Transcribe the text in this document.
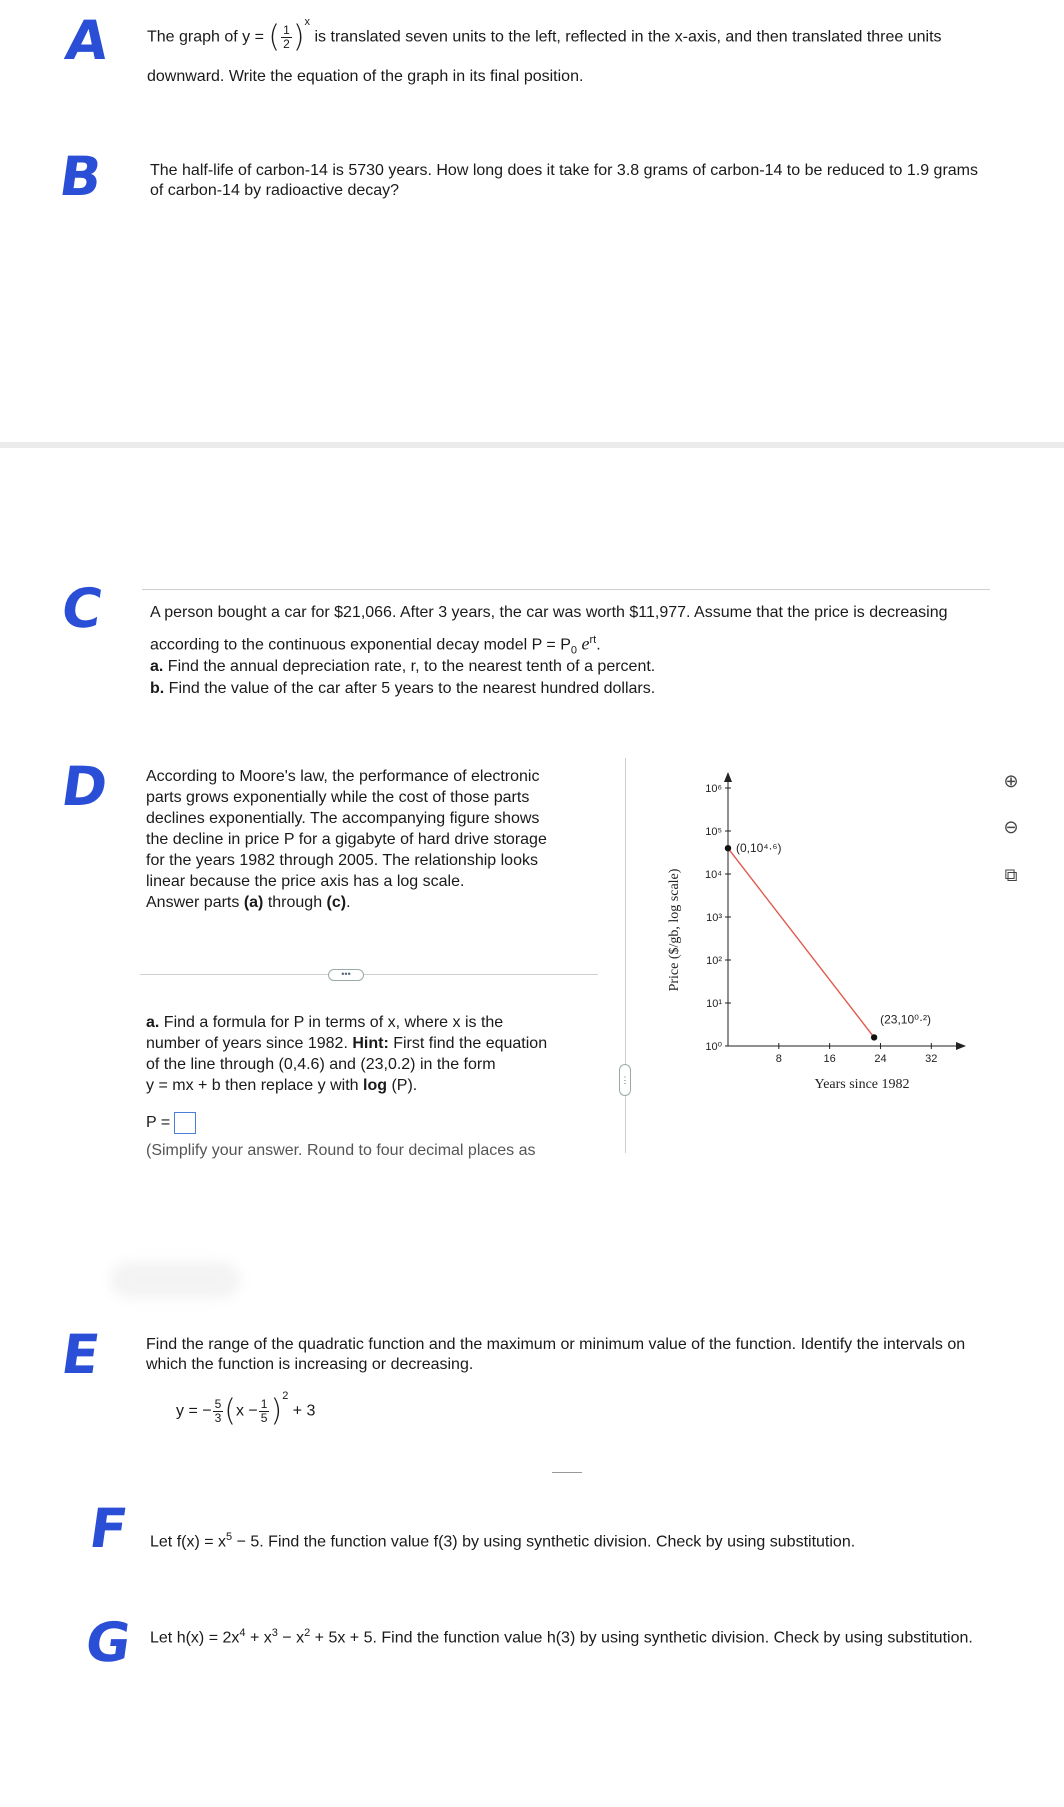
A
B
C
D
E
F
G
The graph of y = ( $\frac{1}{2} )^x$ is translated seven units to the left, reflected in the x-axis, and then translated three units
downward. Write the equation of the graph in its final position.
The half-life of carbon-14 is 5730 years. How long does it take for 3.8 grams of carbon-14 to be reduced to 1.9 grams
of carbon-14 by radioactive decay?
A person bought a car for $21,066. After 3 years, the car was worth $11,977. Assume that the price is decreasing
according to the continuous exponential decay model $P = P_0$ $e^{rt}$.
a. Find the annual depreciation rate, r, to the nearest tenth of a percent.
b. Find the value of the car after 5 years to the nearest hundred dollars.
According to Moore's law, the performance of electronic
parts grows exponentially while the cost of those parts
declines exponentially. The accompanying figure shows
the decline in price P for a gigabyte of hard drive storage
for the years 1982 through 2005. The relationship looks
linear because the price axis has a log scale.
Answer parts (a) through (c).
•••
a. Find a formula for P in terms of x, where x is the
number of years since 1982. Hint: First find the equation
of the line through (0,4.6) and (23,0.2) in the form
y = mx + b then replace y with log (P).
P =
(Simplify your answer. Round to four decimal places as
⋮
8	16	24	32
10⁰
10¹
10²
10³
10⁴
10⁵
10⁶
(0,10⁴·⁶)
(23,10⁰·²)
Years since 1982
Price ($/gb, log scale)
⊕
⊖
⧉
Find the range of the quadratic function and the maximum or minimum value of the function. Identify the intervals on
which the function is increasing or decreasing.
y = − $\frac{5}{3} (x - \frac{1}{5} )^2 + 3$
Let $f(x) = x^5 - 5$. Find the function value f(3) by using synthetic division. Check by using substitution.
Let $h(x) = 2x^4 + x^3 - x^2 + 5x + 5$. Find the function value h(3) by using synthetic division. Check by using substitution.
